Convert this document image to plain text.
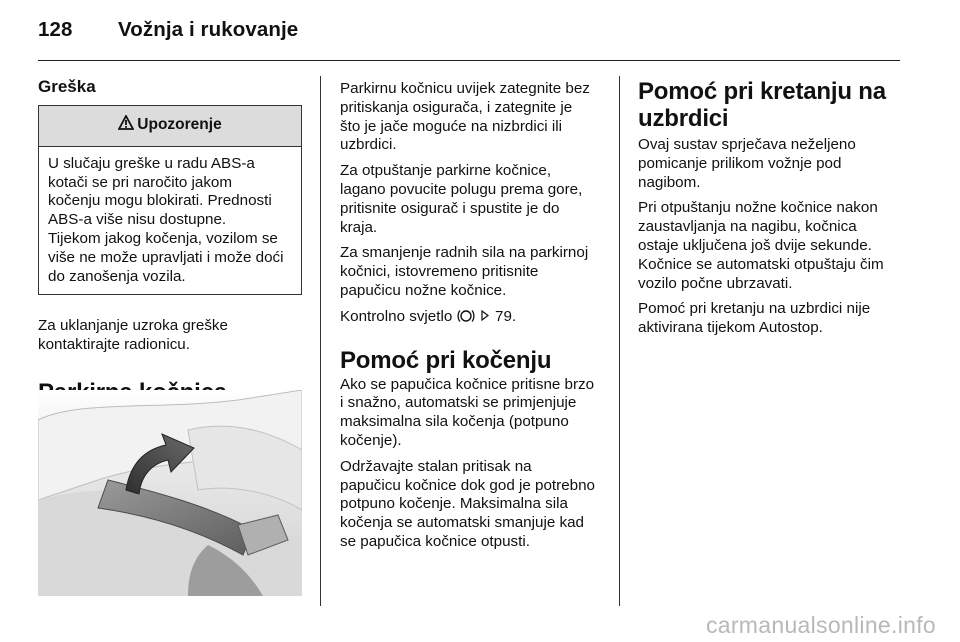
128 Vožnja i rukovanje
Greška
Upozorenje
U slučaju greške u radu ABS-a
kotači se pri naročito jakom
kočenju mogu blokirati. Prednosti
ABS-a više nisu dostupne.
Tijekom jakog kočenja, vozilom se
više ne može upravljati i može doći
do zanošenja vozila.

Za uklanjanje uzroka greške
kontaktirajte radionicu.

Parkirnu kočnicu uvijek zategnite bez
pritiskanja osigurača, i zategnite je
što je jače moguće na nizbrdici ili
uzbrdici.

Za otpuštanje parkirne kočnice,
lagano povucite polugu prema gore,
pritisnite osigurač i spustite je do
kraja.

Za smanjenje radnih sila na parkirnoj
kočnici, istovremeno pritisnite
papučicu nožne kočnice.

Kontrolno svjetlo	79.

Pomoć pri kočenju

Ako se papučica kočnice pritisne brzo
i snažno, automatski se primjenjuje
maksimalna sila kočenja (potpuno
kočenje).

Održavajte stalan pritisak na
papučicu kočnice dok god je potrebno
potpuno kočenje. Maksimalna sila
kočenja se automatski smanjuje kad
se papučica kočnice otpusti.

Pomoć pri kretanju na
uzbrdici

Ovaj sustav sprječava neželjeno
pomicanje prilikom vožnje pod
nagibom.

Pri otpuštanju nožne kočnice nakon
zaustavljanja na nagibu, kočnica
ostaje uključena još dvije sekunde.
Kočnice se automatski otpuštaju čim
vozilo počne ubrzavati.

Pomoć pri kretanju na uzbrdici nije
aktivirana tijekom Autostop.

carmanualsonline.info
